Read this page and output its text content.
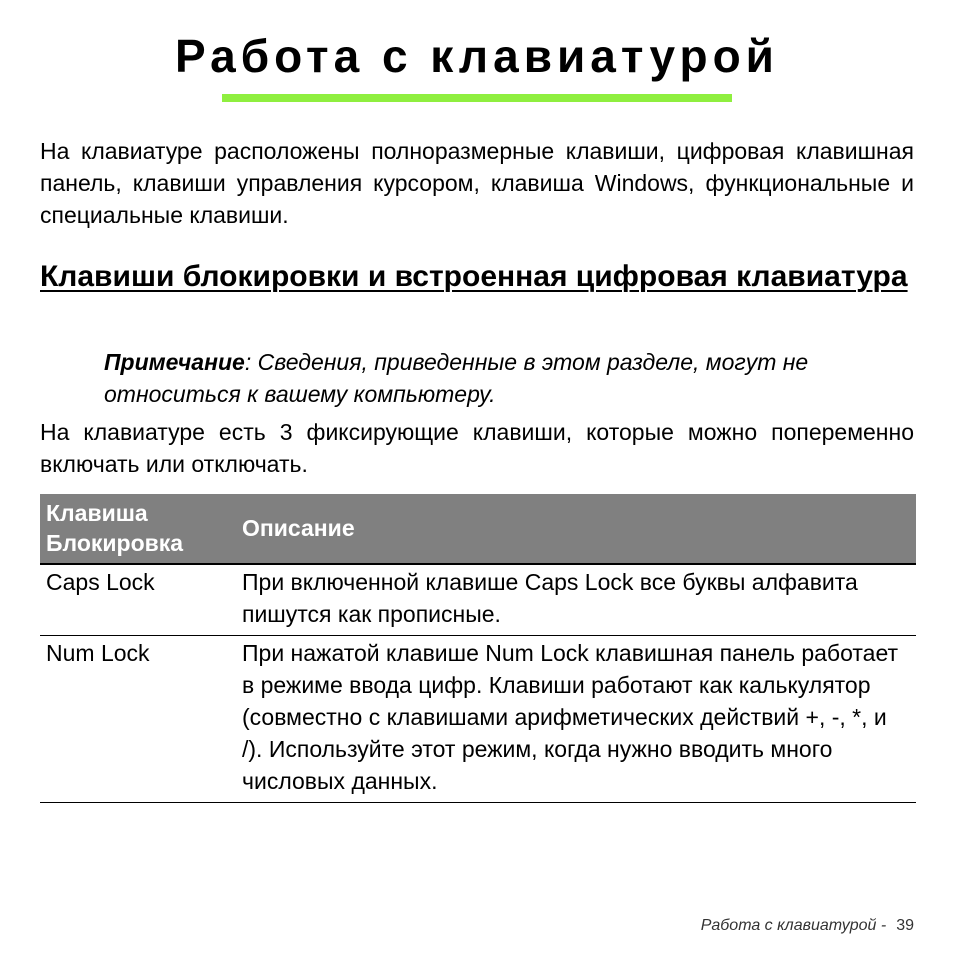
Работа с клавиатурой

На клавиатуре расположены полноразмерные клавиши, цифровая клавишная панель, клавиши управления курсором, клавиша Windows, функциональные и специальные клавиши.

Клавиши блокировки и встроенная цифровая клавиатура

Примечание: Сведения, приведенные в этом разделе, могут не относиться к вашему компьютеру.

На клавиатуре есть 3 фиксирующие клавиши, которые можно попеременно включать или отключать.

Клавиша Блокировка	Описание
Caps Lock	При включенной клавише Caps Lock все буквы алфавита пишутся как прописные.
Num Lock	При нажатой клавише Num Lock клавишная панель работает в режиме ввода цифр. Клавиши работают как калькулятор (совместно с клавишами арифметических действий +, -, *, и /). Используйте этот режим, когда нужно вводить много числовых данных.
Работа с клавиатурой - 39
